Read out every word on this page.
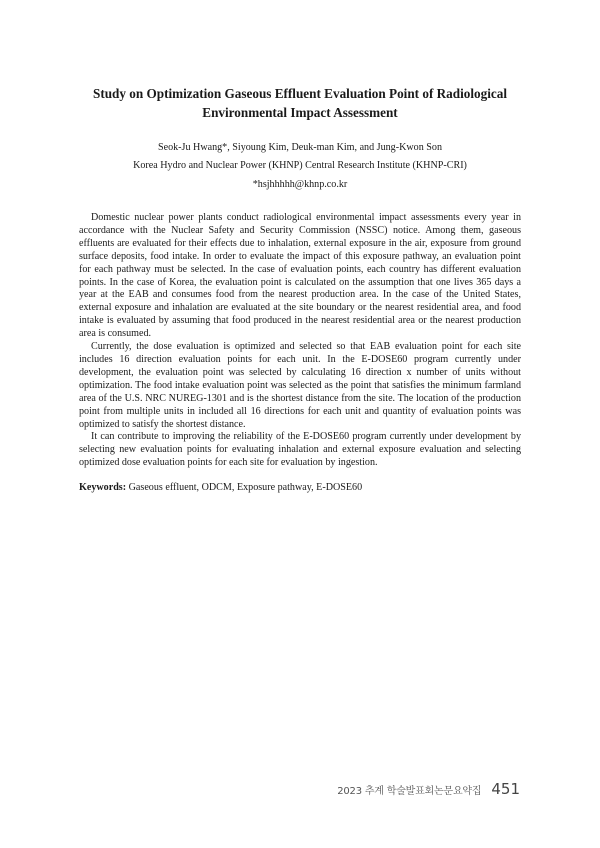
Study on Optimization Gaseous Effluent Evaluation Point of Radiological
Environmental Impact Assessment
Seok-Ju Hwang*, Siyoung Kim, Deuk-man Kim, and Jung-Kwon Son
Korea Hydro and Nuclear Power (KHNP) Central Research Institute (KHNP-CRI)
*hsjhhhhh@khnp.co.kr

Domestic nuclear power plants conduct radiological environmental impact assessments every year in accordance with the Nuclear Safety and Security Commission (NSSC) notice. Among them, gaseous effluents are evaluated for their effects due to inhalation, external exposure in the air, exposure from ground surface deposits, food intake. In order to evaluate the impact of this exposure pathway, an evaluation point for each pathway must be selected. In the case of evaluation points, each country has different evaluation points. In the case of Korea, the evaluation point is calculated on the assumption that one lives 365 days a year at the EAB and consumes food from the nearest production area. In the case of the United States, external exposure and inhalation are evaluated at the site boundary or the nearest residential area, and food intake is evaluated by assuming that food produced in the nearest residential area or the nearest production area is consumed.

Currently, the dose evaluation is optimized and selected so that EAB evaluation point for each site includes 16 direction evaluation points for each unit. In the E-DOSE60 program currently under development, the evaluation point was selected by calculating 16 direction x number of units without optimization. The food intake evaluation point was selected as the point that satisfies the minimum farmland area of the U.S. NRC NUREG-1301 and is the shortest distance from the site. The location of the production point from multiple units in included all 16 directions for each unit and quantity of evaluation points was optimized to satisfy the shortest distance.

It can contribute to improving the reliability of the E-DOSE60 program currently under development by selecting new evaluation points for evaluating inhalation and external exposure evaluation and selecting optimized dose evaluation points for each site for evaluation by ingestion.

Keywords: Gaseous effluent, ODCM, Exposure pathway, E-DOSE60
2023 추계 학술발표회논문요약집 451
